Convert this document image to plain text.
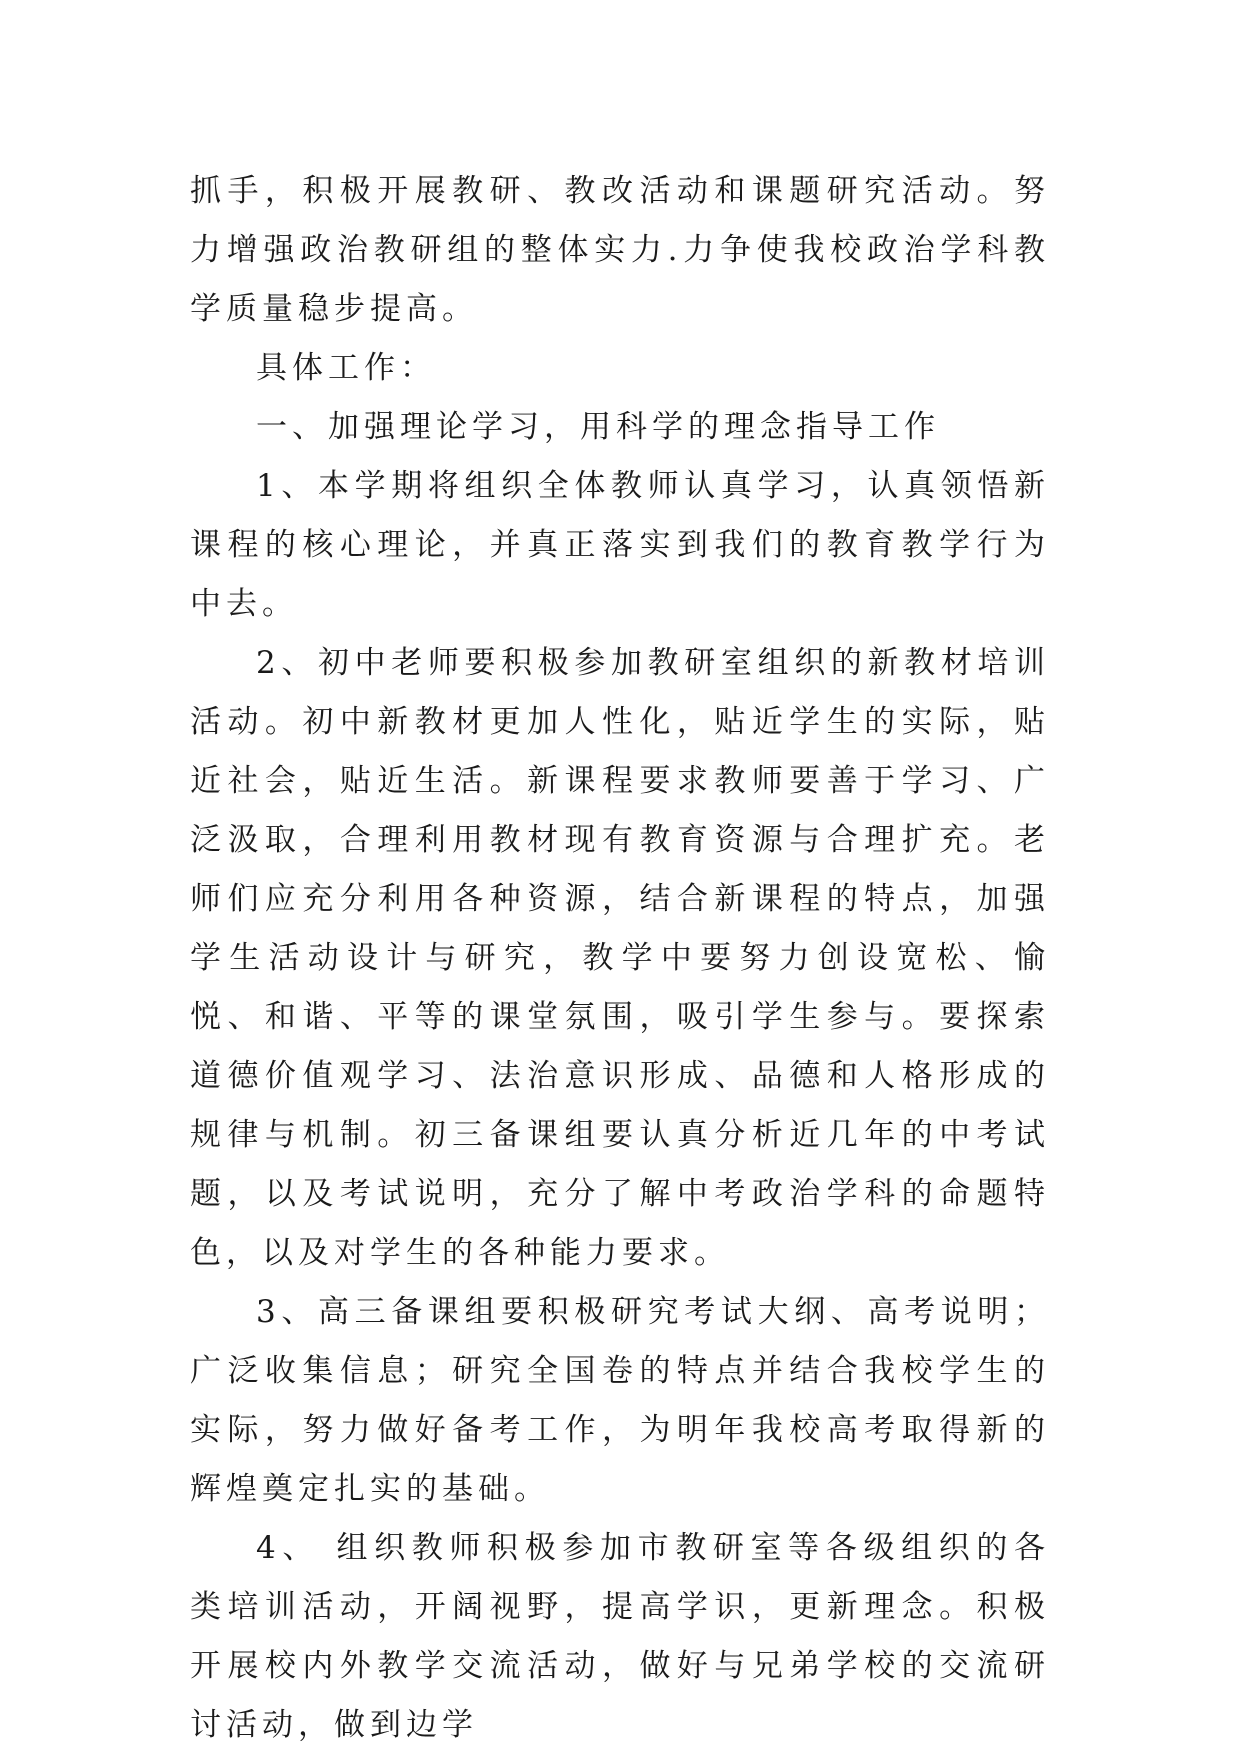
抓手，积极开展教研、教改活动和课题研究活动。努力增强政治教研组的整体实力.力争使我校政治学科教学质量稳步提高。

具体工作：

一、加强理论学习，用科学的理念指导工作

1、本学期将组织全体教师认真学习，认真领悟新课程的核心理论，并真正落实到我们的教育教学行为中去。

2、初中老师要积极参加教研室组织的新教材培训活动。初中新教材更加人性化，贴近学生的实际，贴近社会，贴近生活。新课程要求教师要善于学习、广泛汲取，合理利用教材现有教育资源与合理扩充。老师们应充分利用各种资源，结合新课程的特点，加强学生活动设计与研究，教学中要努力创设宽松、愉悦、和谐、平等的课堂氛围，吸引学生参与。要探索道德价值观学习、法治意识形成、品德和人格形成的规律与机制。初三备课组要认真分析近几年的中考试题，以及考试说明，充分了解中考政治学科的命题特色，以及对学生的各种能力要求。

3、高三备课组要积极研究考试大纲、高考说明；广泛收集信息；研究全国卷的特点并结合我校学生的实际，努力做好备考工作，为明年我校高考取得新的辉煌奠定扎实的基础。

4、 组织教师积极参加市教研室等各级组织的各类培训活动，开阔视野，提高学识，更新理念。积极开展校内外教学交流活动，做好与兄弟学校的交流研讨活动，做到边学
